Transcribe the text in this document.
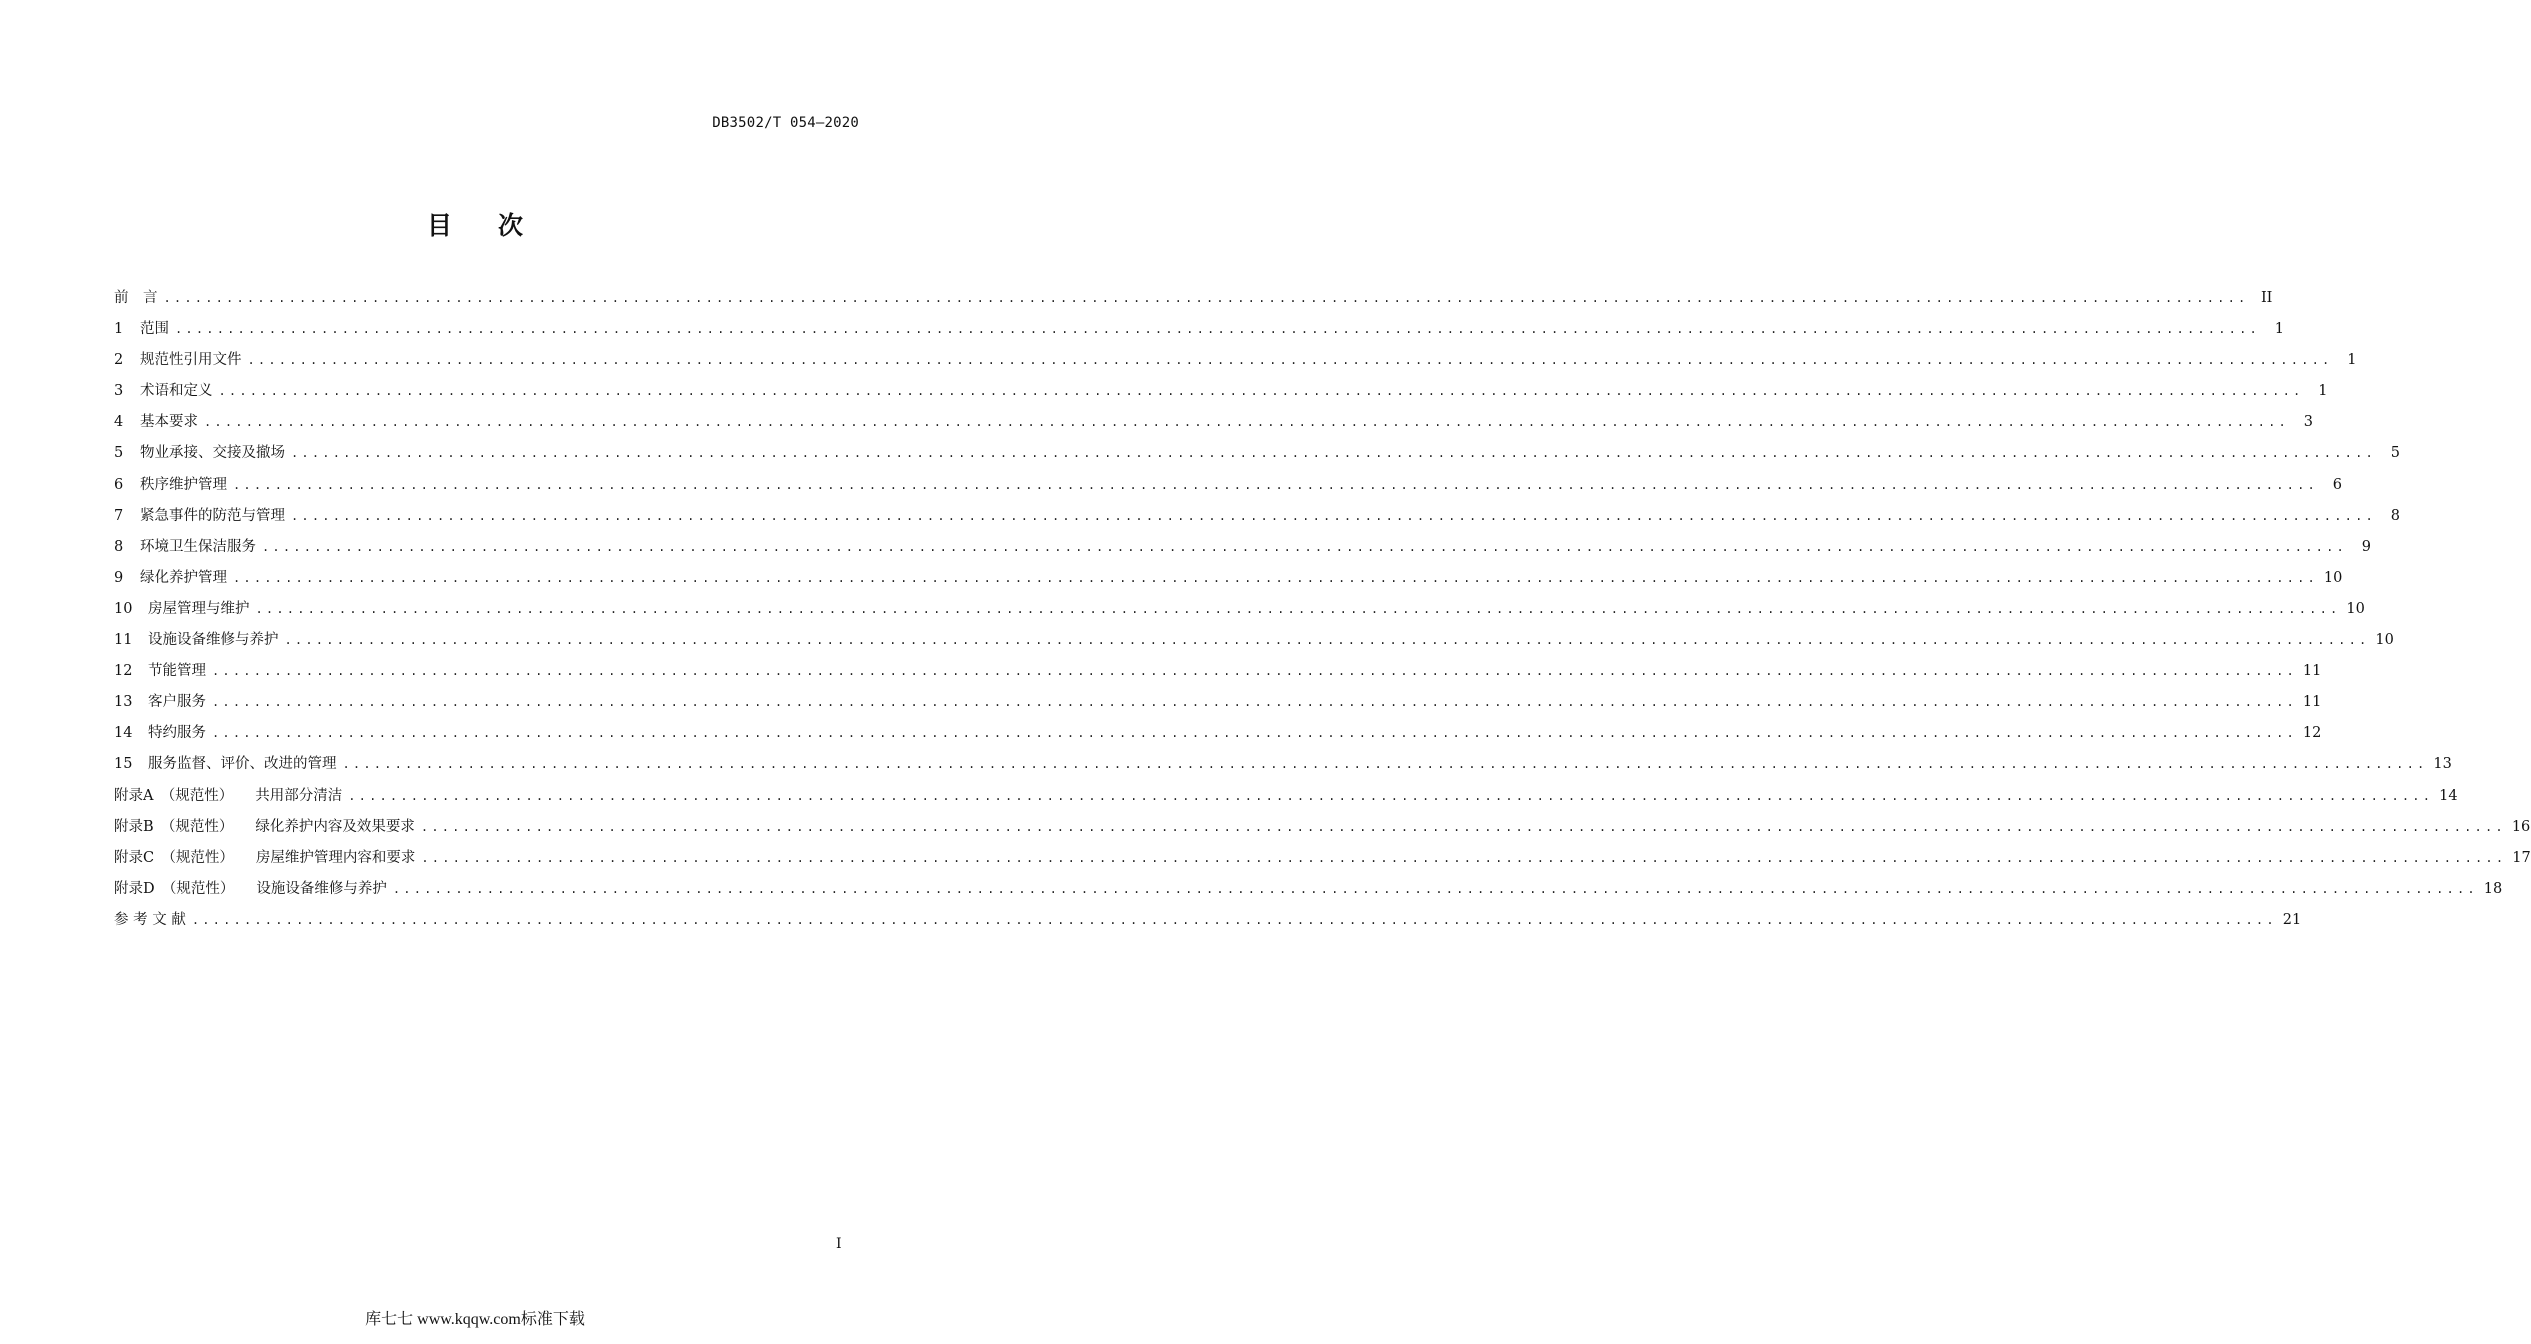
DB3502/T 054—2020
目 次
前　言 ........................................................................................................................................................................................................ II
1	范围 ........................................................................................................................................................................................................	1
2	规范性引用文件 ........................................................................................................................................................................................................	1
3	术语和定义 ........................................................................................................................................................................................................	1
4	基本要求 ........................................................................................................................................................................................................	3
5	物业承接、交接及撤场 ........................................................................................................................................................................................................	5
6	秩序维护管理 ........................................................................................................................................................................................................	6
7	紧急事件的防范与管理 ........................................................................................................................................................................................................	8
8	环境卫生保洁服务 ........................................................................................................................................................................................................	9
9	绿化养护管理 ........................................................................................................................................................................................................ 10
10	房屋管理与维护 ........................................................................................................................................................................................................ 10
11	设施设备维修与养护 ........................................................................................................................................................................................................ 10
12	节能管理 ........................................................................................................................................................................................................ 11
13	客户服务 ........................................................................................................................................................................................................ 11
14	特约服务 ........................................................................................................................................................................................................ 12
15	服务监督、评价、改进的管理 ........................................................................................................................................................................................................ 13
附录A　（规范性） 共用部分清洁 ........................................................................................................................................................................................................ 14
附录B　（规范性） 绿化养护内容及效果要求 ........................................................................................................................................................................................................ 16
附录C　（规范性） 房屋维护管理内容和要求 ........................................................................................................................................................................................................ 17
附录D　（规范性） 设施设备维修与养护 ........................................................................................................................................................................................................ 18
参 考 文 献 ........................................................................................................................................................................................................ 21
I
库七七 www.kqqw.com标准下载
